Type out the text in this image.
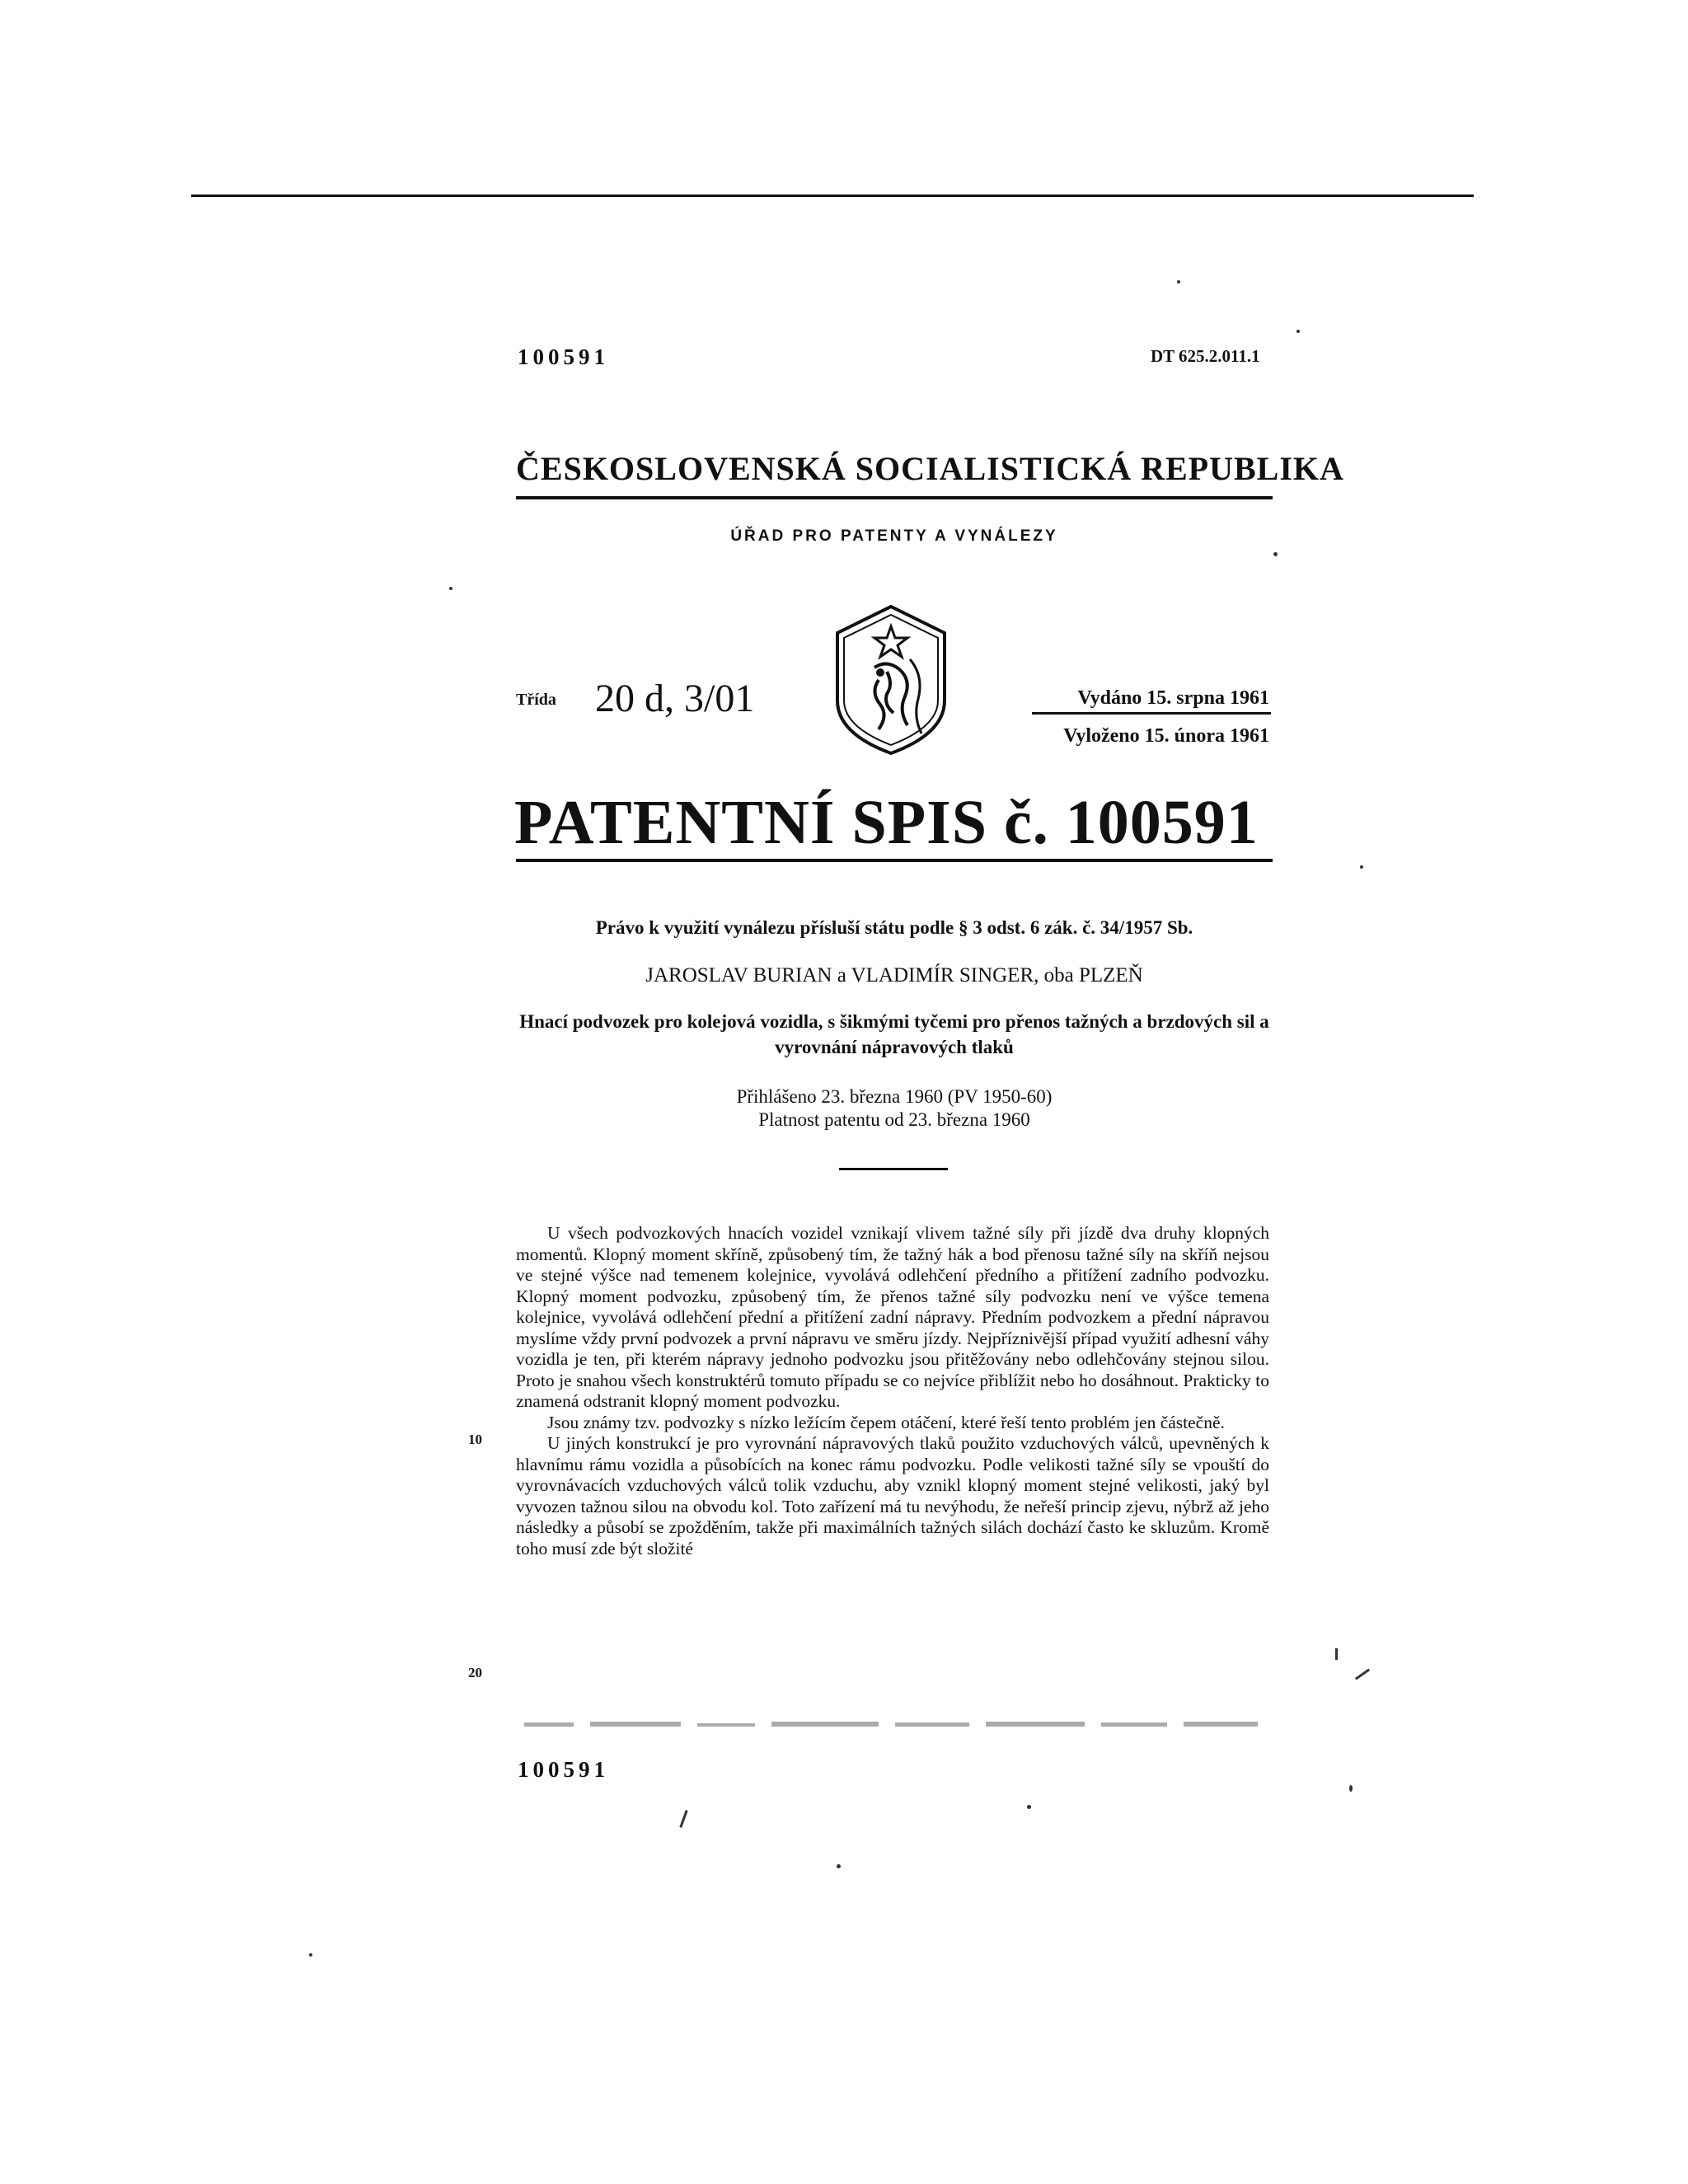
100591	DT 625.2.011.1
ČESKOSLOVENSKÁ SOCIALISTICKÁ REPUBLIKA
ÚŘAD PRO PATENTY A VYNÁLEZY
Třída 20 d, 3/01	Vydáno 15. srpna 1961
Vyloženo 15. února 1961
PATENTNÍ SPIS č. 100591
Právo k využití vynálezu přísluší státu podle § 3 odst. 6 zák. č. 34/1957 Sb.
JAROSLAV BURIAN a VLADIMÍR SINGER, oba PLZEŇ
Hnací podvozek pro kolejová vozidla, s šikmými tyčemi pro přenos tažných a brzdových sil a vyrovnání nápravových tlaků
Přihlášeno 23. března 1960 (PV 1950-60)
Platnost patentu od 23. března 1960

U všech podvozkových hnacích vozidel vznikají vlivem tažné síly při jízdě dva druhy klopných momentů. Klopný moment skříně, způsobený tím, že tažný hák a bod přenosu tažné síly na skříň nejsou ve stejné výšce nad temenem kolejnice, vyvolává odlehčení předního a přitížení zadního podvozku. Klopný moment podvozku, způsobený tím, že přenos tažné síly podvozku není ve výšce temena kolejnice, vyvolává odlehčení přední a přitížení zadní nápravy. Předním podvozkem a přední nápravou myslíme vždy první podvozek a první nápravu ve směru jízdy. Nejpříznivější případ využití adhesní váhy vozidla je ten, při kterém nápravy jednoho podvozku jsou přitěžovány nebo odlehčovány stejnou silou. Proto je snahou všech konstruktérů tomuto případu se co nejvíce přiblížit nebo ho dosáhnout. Prakticky to znamená odstranit klopný moment podvozku.

Jsou známy tzv. podvozky s nízko ležícím čepem otáčení, které řeší tento problém jen částečně.

U jiných konstrukcí je pro vyrovnání nápravových tlaků použito vzduchových válců, upevněných k hlavnímu rámu vozidla a působících na konec rámu podvozku. Podle velikosti tažné síly se vpouští do vyrovnávacích vzduchových válců tolik vzduchu, aby vznikl klopný moment stejné velikosti, jaký byl vyvozen tažnou silou na obvodu kol. Toto zařízení má tu nevýhodu, že neřeší princip zjevu, nýbrž až jeho následky a působí se zpožděním, takže při maximálních tažných silách dochází často ke skluzům. Kromě toho musí zde být složité

10
20
100591
